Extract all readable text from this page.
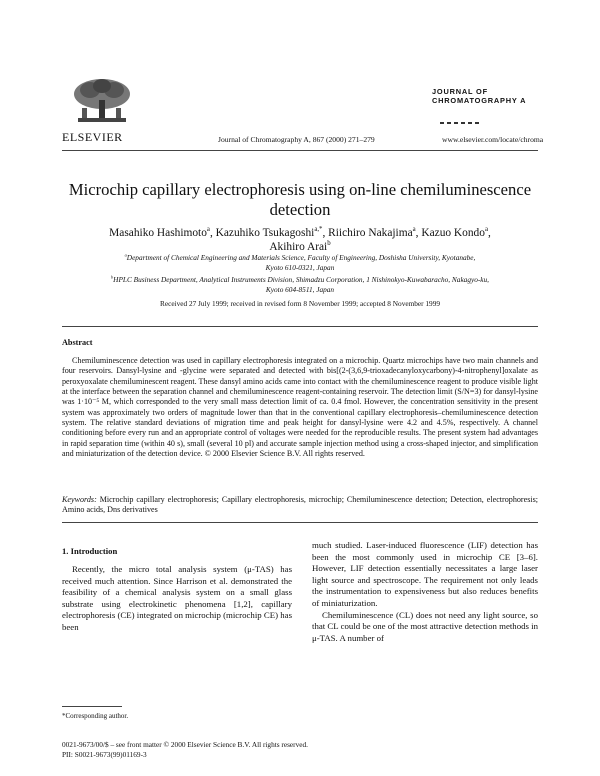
ELSEVIER	Journal of Chromatography A, 867 (2000) 271–279
JOURNAL OF
CHROMATOGRAPHY A
www.elsevier.com/locate/chroma
Microchip capillary electrophoresis using on-line chemiluminescence detection
Masahiko Hashimoto$^a$, Kazuhiko Tsukagoshi$^{a,*}$, Riichiro Nakajima$^a$, Kazuo Kondo$^a$,
Akihiro Arai$^b$
$^a$Department of Chemical Engineering and Materials Science, Faculty of Engineering, Doshisha University, Kyotanabe,
Kyoto 610-0321, Japan
$^b$HPLC Business Department, Analytical Instruments Division, Shimadzu Corporation, 1 Nishinokyo-Kuwabaracho, Nakagyo-ku,
Kyoto 604-8511, Japan
Received 27 July 1999; received in revised form 8 November 1999; accepted 8 November 1999
Abstract
Chemiluminescence detection was used in capillary electrophoresis integrated on a microchip. Quartz microchips have two main channels and four reservoirs. Dansyl-lysine and -glycine were separated and detected with bis[(2-(3,6,9-trioxadecanyloxycarbony)-4-nitrophenyl]oxalate as peroxyoxalate chemiluminescent reagent. These dansyl amino acids came into contact with the chemiluminescence reagent to produce visible light at the interface between the separation channel and chemiluminescence reagent-containing reservoir. The detection limit (S/N=3) for dansyl-lysine was 1·10⁻⁵ M, which corresponded to the very small mass detection limit of ca. 0.4 fmol. However, the concentration sensitivity in the present system was approximately two orders of magnitude lower than that in the conventional capillary electrophoresis–chemiluminescence detection system. The relative standard deviations of migration time and peak height for dansyl-lysine were 4.2 and 4.5%, respectively. A channel conditioning before every run and an appropriate control of voltages were needed for the reproducible results. The present system had advantages in rapid separation time (within 40 s), small (several 10 pl) and accurate sample injection method using a cross-shaped injector, and simplification and miniaturization of the detection device. © 2000 Elsevier Science B.V. All rights reserved.
Keywords: Microchip capillary electrophoresis; Capillary electrophoresis, microchip; Chemiluminescence detection; Detection, electrophoresis; Amino acids, Dns derivatives
1. Introduction
Recently, the micro total analysis system (μ-TAS) has received much attention. Since Harrison et al. demonstrated the feasibility of a chemical analysis system on a small glass substrate using electrokinetic phenomena [1,2], capillary electrophoresis (CE) integrated on microchip (microchip CE) has been
much studied. Laser-induced fluorescence (LIF) detection has been the most commonly used in microchip CE [3–6]. However, LIF detection essentially necessitates a large laser light source and spectroscope. The requirement not only leads the instrumentation to expensiveness but also reduces benefits of miniaturization.
Chemiluminescence (CL) does not need any light source, so that CL could be one of the most attractive detection methods in μ-TAS. A number of
*Corresponding author.
0021-9673/00/$ – see front matter © 2000 Elsevier Science B.V. All rights reserved.
PII: S0021-9673(99)01169-3
